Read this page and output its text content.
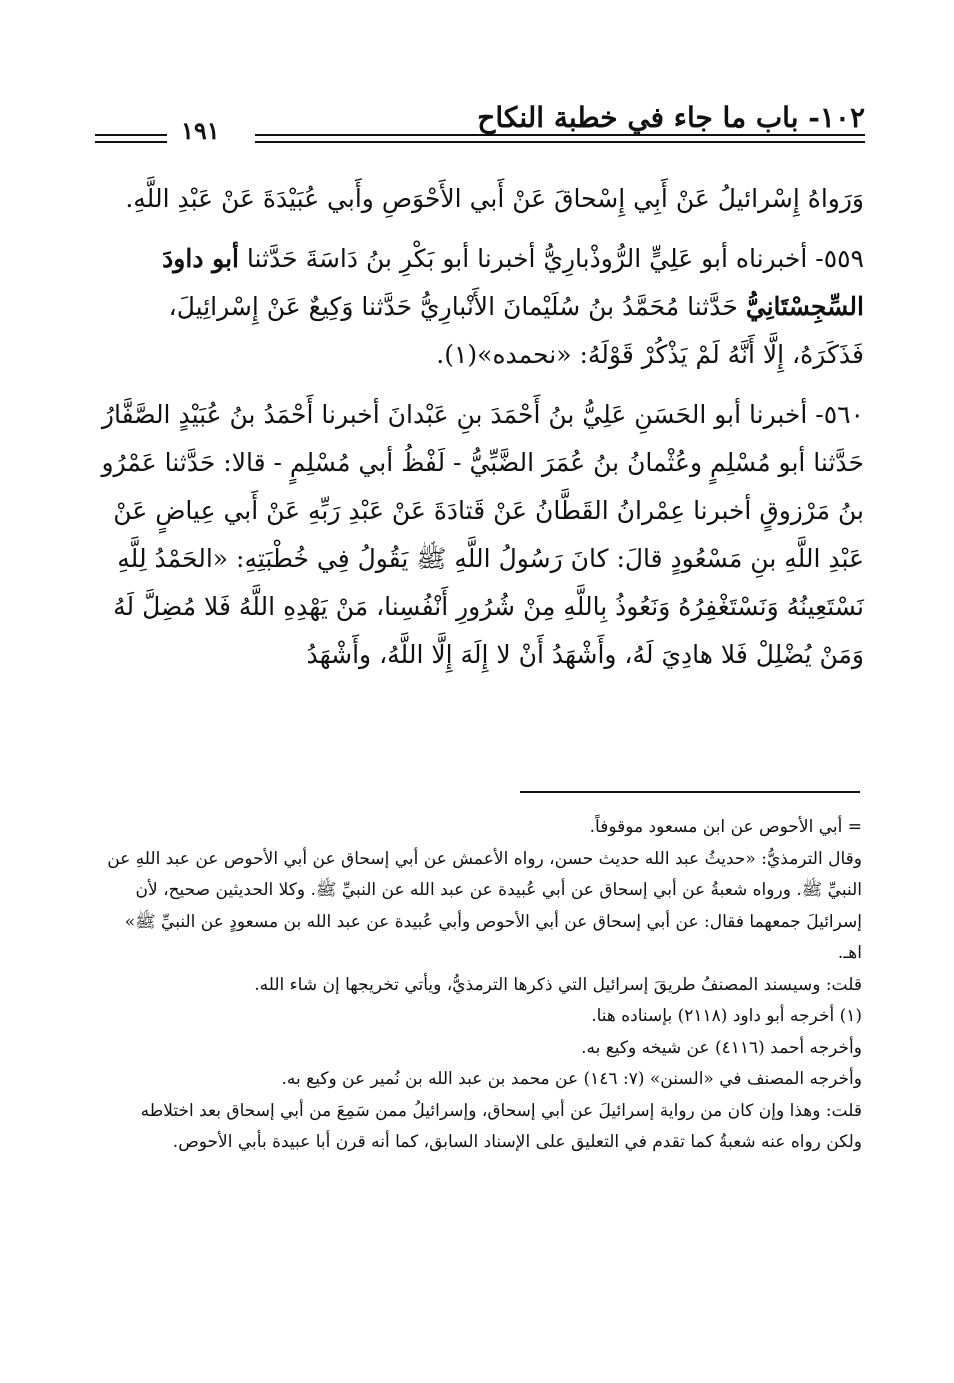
١٠٢- باب ما جاء في خطبة النكاح
١٩١

وَرَواهُ إِسْرائيلُ عَنْ أَبِي إِسْحاقَ عَنْ أَبي الأَحْوَصِ وأَبي عُبَيْدَةَ عَنْ عَبْدِ اللَّهِ.

٥٥٩- أخبرناه أبو عَلِيٍّ الرُّوذْبارِيُّ أخبرنا أبو بَكْرِ بنُ دَاسَةَ حَدَّثنا أبو داودَ السِّجِسْتَانِيُّ حَدَّثنا مُحَمَّدُ بنُ سُلَيْمانَ الأَنْبارِيُّ حَدَّثنا وَكِيعٌ عَنْ إِسْرائِيلَ، فَذَكَرَهُ، إِلَّا أَنَّهُ لَمْ يَذْكُرْ قَوْلَهُ: «نحمده»(١).

٥٦٠- أخبرنا أبو الحَسَنِ عَلِيُّ بنُ أَحْمَدَ بنِ عَبْدانَ أخبرنا أَحْمَدُ بنُ عُبَيْدٍ الصَّفَّارُ حَدَّثنا أبو مُسْلِمٍ وعُثْمانُ بنُ عُمَرَ الضَّبِّيُّ - لَفْظُ أبي مُسْلِمٍ - قالا: حَدَّثنا عَمْرُو بنُ مَرْزوقٍ أخبرنا عِمْرانُ القَطَّانُ عَنْ قَتادَةَ عَنْ عَبْدِ رَبِّهِ عَنْ أَبي عِياضٍ عَنْ عَبْدِ اللَّهِ بنِ مَسْعُودٍ قالَ: كانَ رَسُولُ اللَّهِ ﷺ يَقُولُ فِي خُطْبَتِهِ: «الحَمْدُ لِلَّهِ نَسْتَعِينُهُ وَنَسْتَغْفِرُهُ وَنَعُوذُ بِاللَّهِ مِنْ شُرُورِ أَنْفُسِنا، مَنْ يَهْدِهِ اللَّهُ فَلا مُضِلَّ لَهُ وَمَنْ يُضْلِلْ فَلا هادِيَ لَهُ، وأَشْهَدُ أَنْ لا إِلَهَ إِلَّا اللَّهُ، وأَشْهَدُ

= أبي الأحوص عن ابن مسعود موقوفاً.

وقال الترمذيُّ: «حديثُ عبد الله حديث حسن، رواه الأعمش عن أبي إسحاق عن أبي الأحوص عن عبد اللهِ عن النبيِّ ﷺ. ورواه شعبةُ عن أبي إسحاق عن أبي عُبيدة عن عبد الله عن النبيِّ ﷺ. وكلا الحديثين صحيح، لأن إسرائيلَ جمعهما فقال: عن أبي إسحاق عن أبي الأحوص وأبي عُبيدة عن عبد الله بن مسعودٍ عن النبيِّ ﷺ» اهـ.

قلت: وسيسند المصنفُ طريقَ إسرائيل التي ذكرها الترمذيُّ، ويأتي تخريجها إن شاء الله.

(١) أخرجه أبو داود (٢١١٨) بإسناده هنا.

وأخرجه أحمد (٤١١٦) عن شيخه وكيع به.

وأخرجه المصنف في «السنن» (٧: ١٤٦) عن محمد بن عبد الله بن نُمير عن وكيع به.

قلت: وهذا وإن كان من رواية إسرائيلَ عن أبي إسحاق، وإسرائيلُ ممن سَمِعَ من أبي إسحاق بعد اختلاطه ولكن رواه عنه شعبةُ كما تقدم في التعليق على الإسناد السابق، كما أنه قرن أبا عبيدة بأبي الأحوص.
